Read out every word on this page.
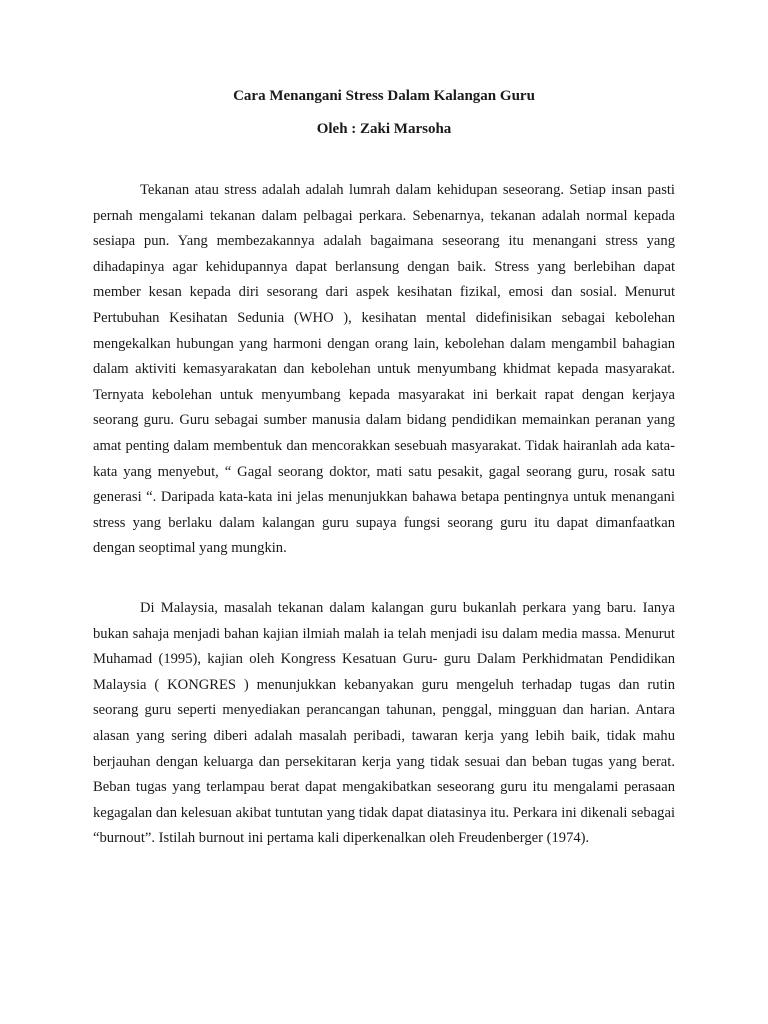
Cara Menangani Stress Dalam Kalangan Guru

Oleh : Zaki Marsoha

Tekanan atau stress adalah adalah lumrah dalam kehidupan seseorang. Setiap insan pasti pernah mengalami tekanan dalam pelbagai perkara. Sebenarnya, tekanan adalah normal kepada sesiapa pun. Yang membezakannya adalah bagaimana seseorang itu menangani stress yang dihadapinya agar kehidupannya dapat berlansung dengan baik. Stress yang berlebihan dapat member kesan kepada diri sesorang dari aspek kesihatan fizikal, emosi dan sosial. Menurut Pertubuhan Kesihatan Sedunia (WHO ), kesihatan mental didefinisikan sebagai kebolehan mengekalkan hubungan yang harmoni dengan orang lain, kebolehan dalam mengambil bahagian dalam aktiviti kemasyarakatan dan kebolehan untuk menyumbang khidmat kepada masyarakat. Ternyata kebolehan untuk menyumbang kepada masyarakat ini berkait rapat dengan kerjaya seorang guru. Guru sebagai sumber manusia dalam bidang pendidikan memainkan peranan yang amat penting dalam membentuk dan mencorakkan sesebuah masyarakat. Tidak hairanlah ada kata-kata yang menyebut, “ Gagal seorang doktor, mati satu pesakit, gagal seorang guru, rosak satu generasi “. Daripada kata-kata ini jelas menunjukkan bahawa betapa pentingnya untuk menangani stress yang berlaku dalam kalangan guru supaya fungsi seorang guru itu dapat dimanfaatkan dengan seoptimal yang mungkin.

Di Malaysia, masalah tekanan dalam kalangan guru bukanlah perkara yang baru. Ianya bukan sahaja menjadi bahan kajian ilmiah malah ia telah menjadi isu dalam media massa. Menurut Muhamad (1995), kajian oleh Kongress Kesatuan Guru- guru Dalam Perkhidmatan Pendidikan Malaysia ( KONGRES ) menunjukkan kebanyakan guru mengeluh terhadap tugas dan rutin seorang guru seperti menyediakan perancangan tahunan, penggal, mingguan dan harian. Antara alasan yang sering diberi adalah masalah peribadi, tawaran kerja yang lebih baik, tidak mahu berjauhan dengan keluarga dan persekitaran kerja yang tidak sesuai dan beban tugas yang berat. Beban tugas yang terlampau berat dapat mengakibatkan seseorang guru itu mengalami perasaan kegagalan dan kelesuan akibat tuntutan yang tidak dapat diatasinya itu. Perkara ini dikenali sebagai “burnout”. Istilah burnout ini pertama kali diperkenalkan oleh Freudenberger (1974).
